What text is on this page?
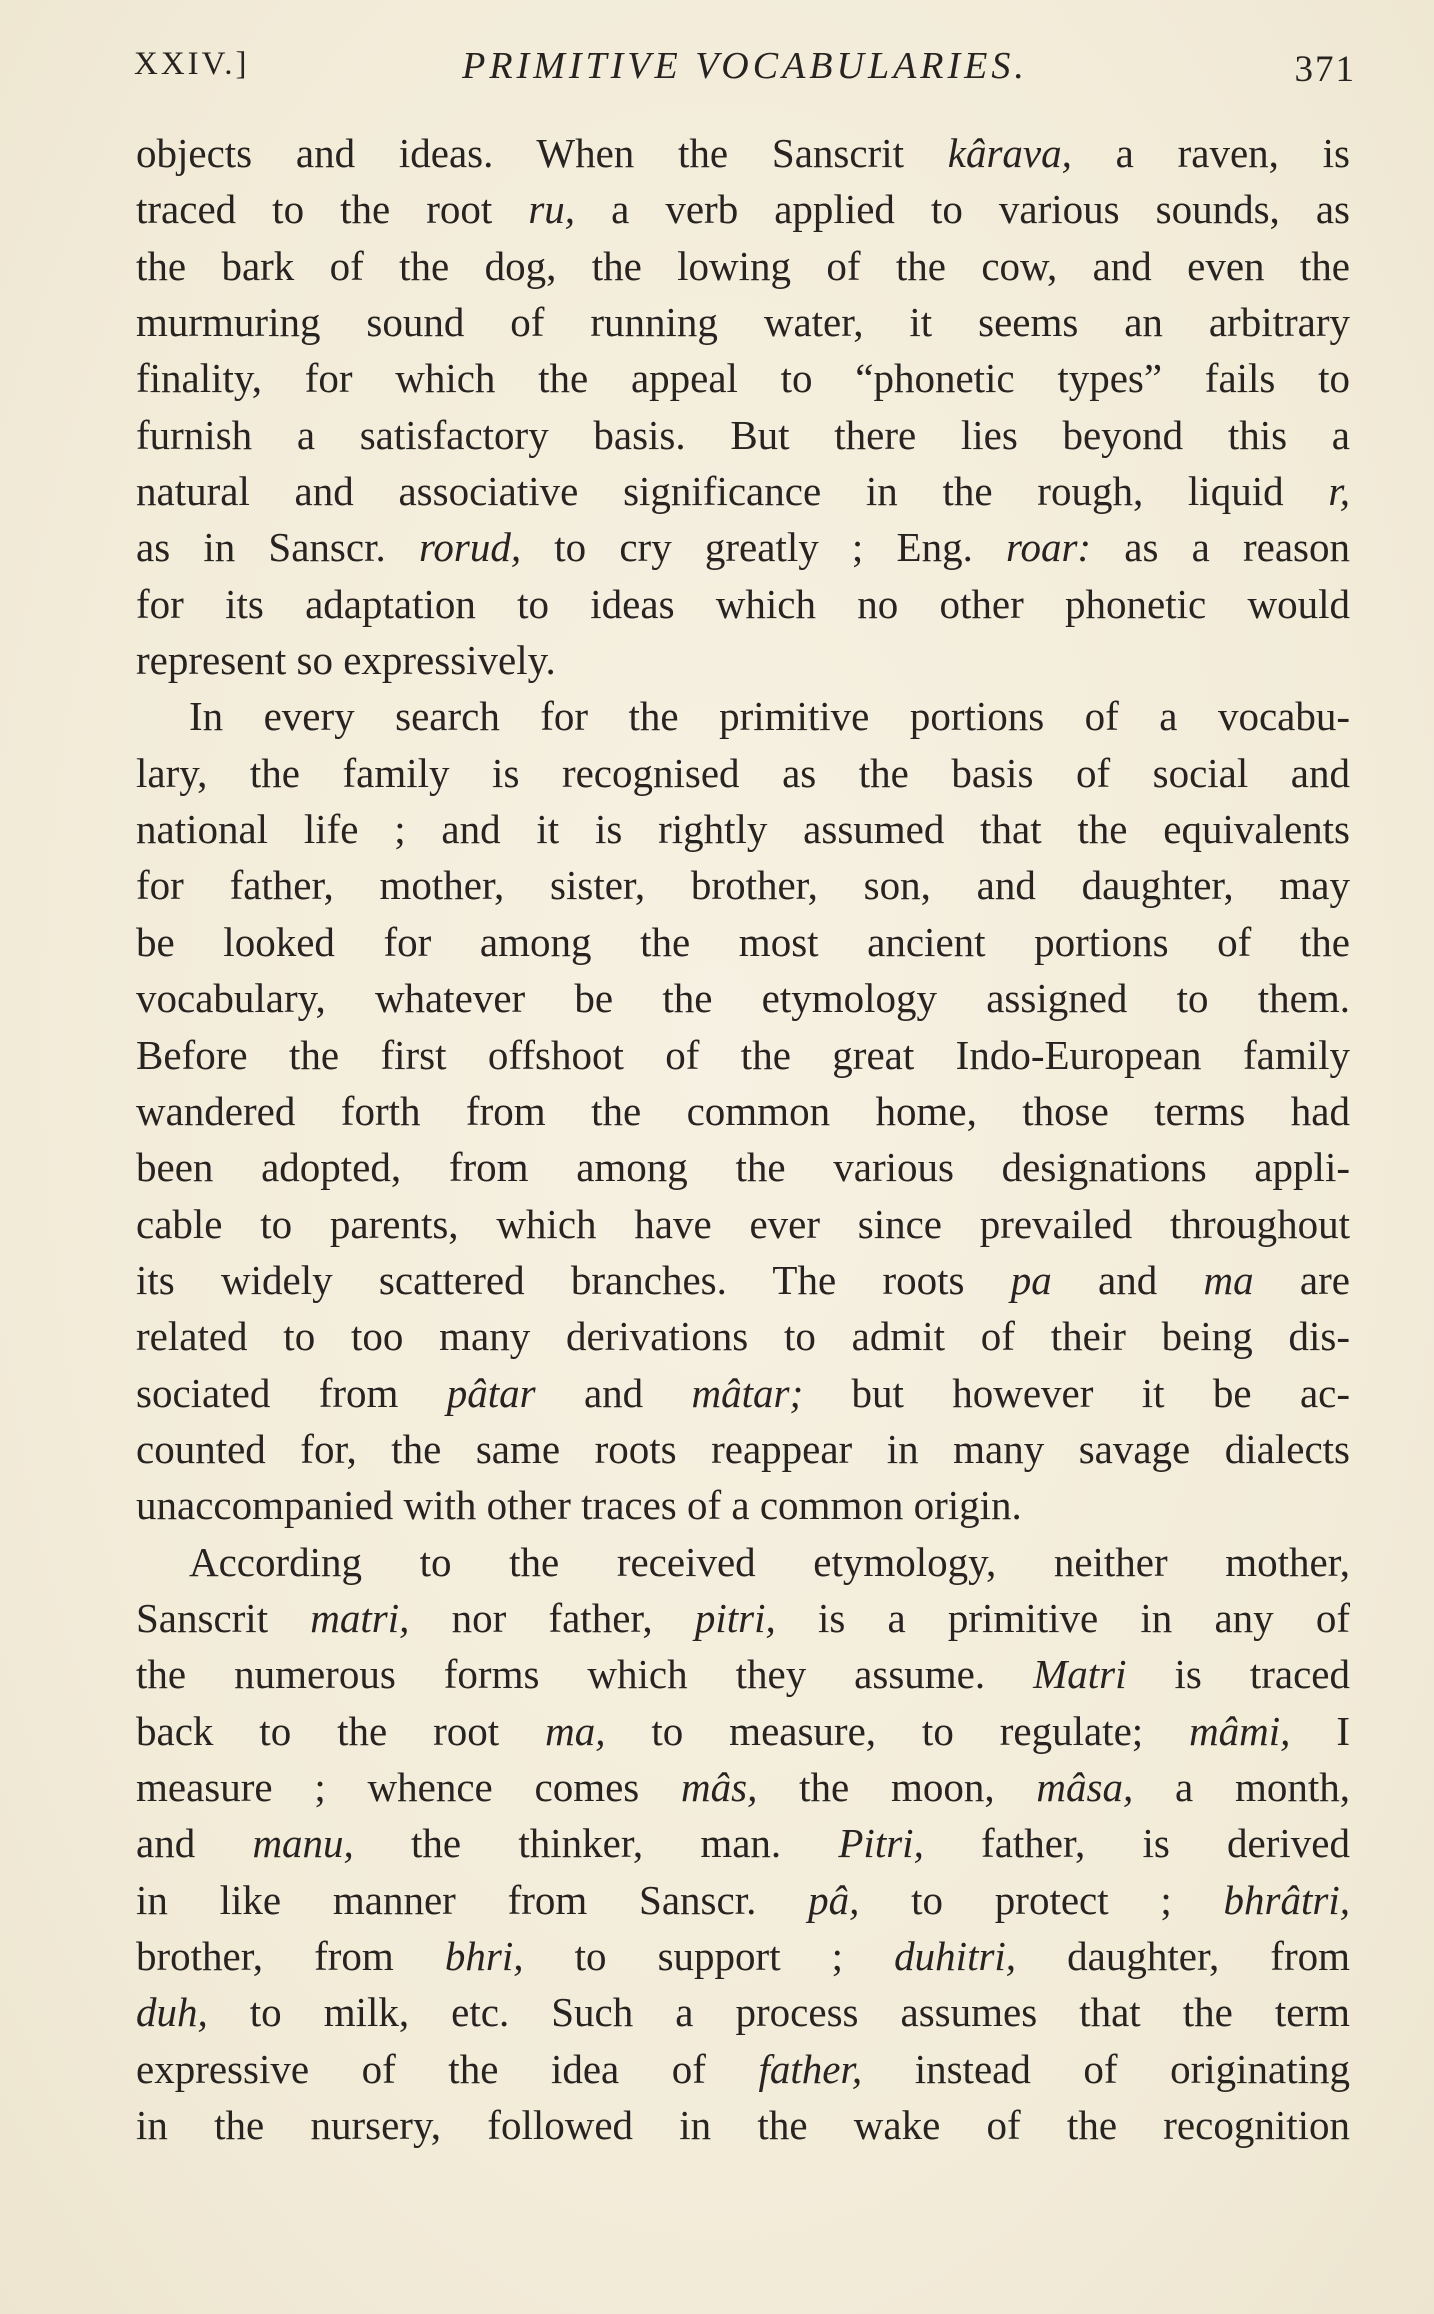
XXIV.]	PRIMITIVE VOCABULARIES.	371
objects and ideas. When the Sanscrit kârava, a raven, is
traced to the root ru, a verb applied to various sounds, as
the bark of the dog, the lowing of the cow, and even the
murmuring sound of running water, it seems an arbitrary
finality, for which the appeal to “phonetic types” fails to
furnish a satisfactory basis. But there lies beyond this a
natural and associative significance in the rough, liquid r,
as in Sanscr. rorud, to cry greatly ; Eng. roar: as a reason
for its adaptation to ideas which no other phonetic would
represent so expressively.
In every search for the primitive portions of a vocabu-
lary, the family is recognised as the basis of social and
national life ; and it is rightly assumed that the equivalents
for father, mother, sister, brother, son, and daughter, may
be looked for among the most ancient portions of the
vocabulary, whatever be the etymology assigned to them.
Before the first offshoot of the great Indo-European family
wandered forth from the common home, those terms had
been adopted, from among the various designations appli-
cable to parents, which have ever since prevailed throughout
its widely scattered branches. The roots pa and ma are
related to too many derivations to admit of their being dis-
sociated from pâtar and mâtar; but however it be ac-
counted for, the same roots reappear in many savage dialects
unaccompanied with other traces of a common origin.
According to the received etymology, neither mother,
Sanscrit matri, nor father, pitri, is a primitive in any of
the numerous forms which they assume. Matri is traced
back to the root ma, to measure, to regulate; mâmi, I
measure ; whence comes mâs, the moon, mâsa, a month,
and manu, the thinker, man. Pitri, father, is derived
in like manner from Sanscr. pâ, to protect ; bhrâtri,
brother, from bhri, to support ; duhitri, daughter, from
duh, to milk, etc. Such a process assumes that the term
expressive of the idea of father, instead of originating
in the nursery, followed in the wake of the recognition
